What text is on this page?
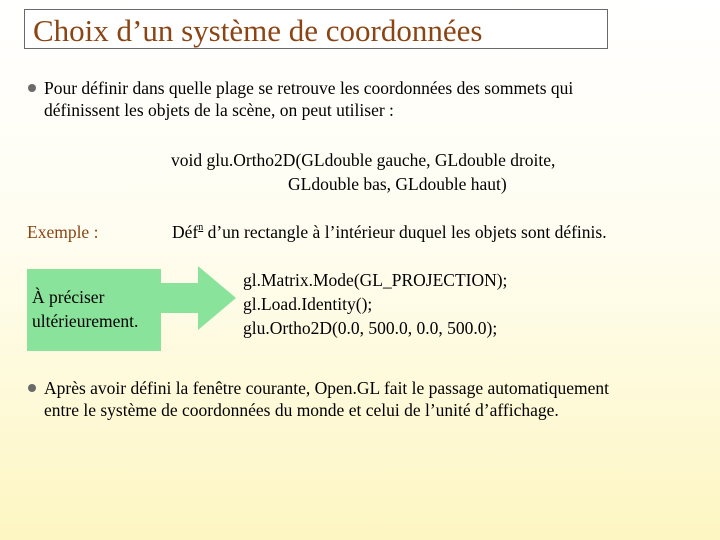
Choix d’un système de coordonnées

Pour définir dans quelle plage se retrouve les coordonnées des sommets qui
définissent les objets de la scène, on peut utiliser :

void glu.Ortho2D(GLdouble gauche, GLdouble droite,
GLdouble bas, GLdouble haut)
Exemple :	Déf$^n$ d’un rectangle à l’intérieur duquel les objets sont définis.
À préciser
ultérieurement.
gl.Matrix.Mode(GL_PROJECTION);
gl.Load.Identity();
glu.Ortho2D(0.0, 500.0, 0.0, 500.0);

Après avoir défini la fenêtre courante, Open.GL fait le passage automatiquement
entre le système de coordonnées du monde et celui de l’unité d’affichage.
